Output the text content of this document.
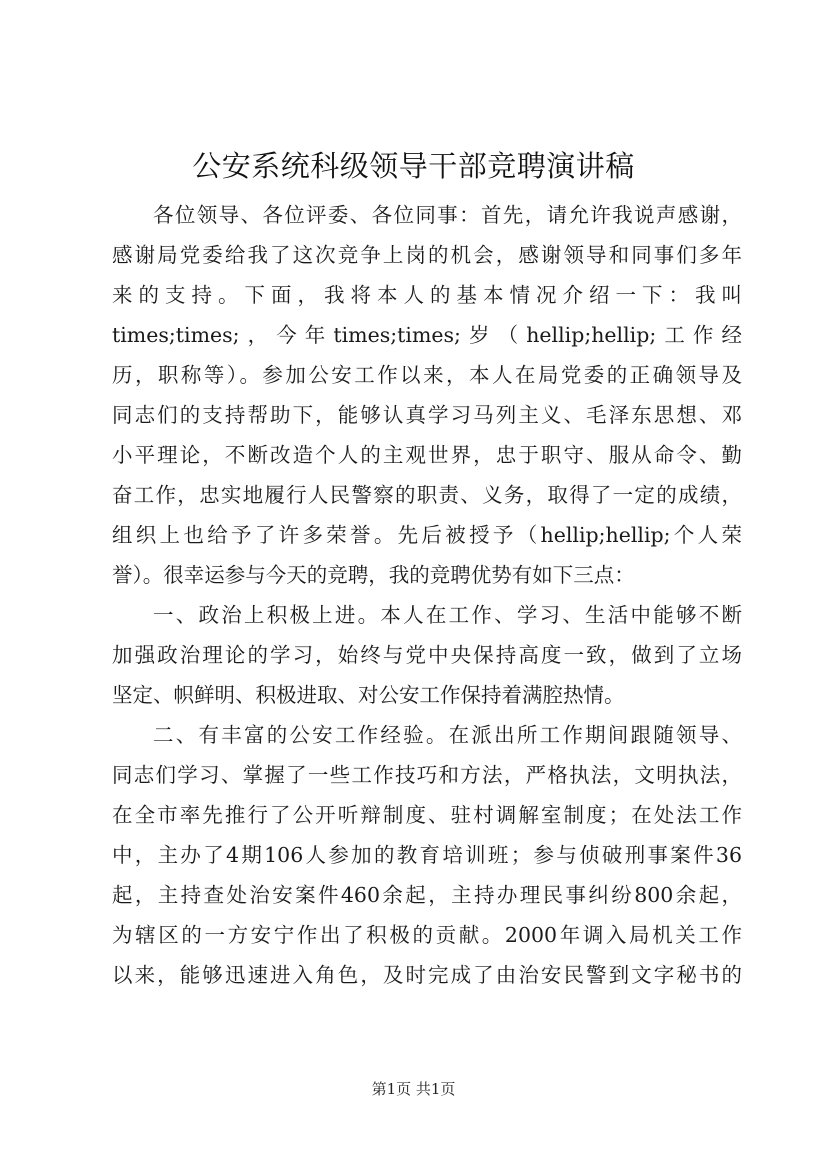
公安系统科级领导干部竞聘演讲稿
各位领导、各位评委、各位同事：首先，请允许我说声感谢，
感谢局党委给我了这次竞争上岗的机会，感谢领导和同事们多年
来的支持。下面，我将本人的基本情况介绍一下：我叫
times;times;，今年times;times;岁（hellip;hellip;工作经
历，职称等）。参加公安工作以来，本人在局党委的正确领导及
同志们的支持帮助下，能够认真学习马列主义、毛泽东思想、邓
小平理论，不断改造个人的主观世界，忠于职守、服从命令、勤
奋工作，忠实地履行人民警察的职责、义务，取得了一定的成绩，
组织上也给予了许多荣誉。先后被授予（hellip;hellip;个人荣
誉）。很幸运参与今天的竞聘，我的竞聘优势有如下三点：
一、政治上积极上进。本人在工作、学习、生活中能够不断
加强政治理论的学习，始终与党中央保持高度一致，做到了立场
坚定、帜鲜明、积极进取、对公安工作保持着满腔热情。
二、有丰富的公安工作经验。在派出所工作期间跟随领导、
同志们学习、掌握了一些工作技巧和方法，严格执法，文明执法，
在全市率先推行了公开听辩制度、驻村调解室制度；在处法工作
中，主办了4期106人参加的教育培训班；参与侦破刑事案件36
起，主持查处治安案件460余起，主持办理民事纠纷800余起，
为辖区的一方安宁作出了积极的贡献。2000年调入局机关工作
以来，能够迅速进入角色，及时完成了由治安民警到文字秘书的
第1页 共1页
